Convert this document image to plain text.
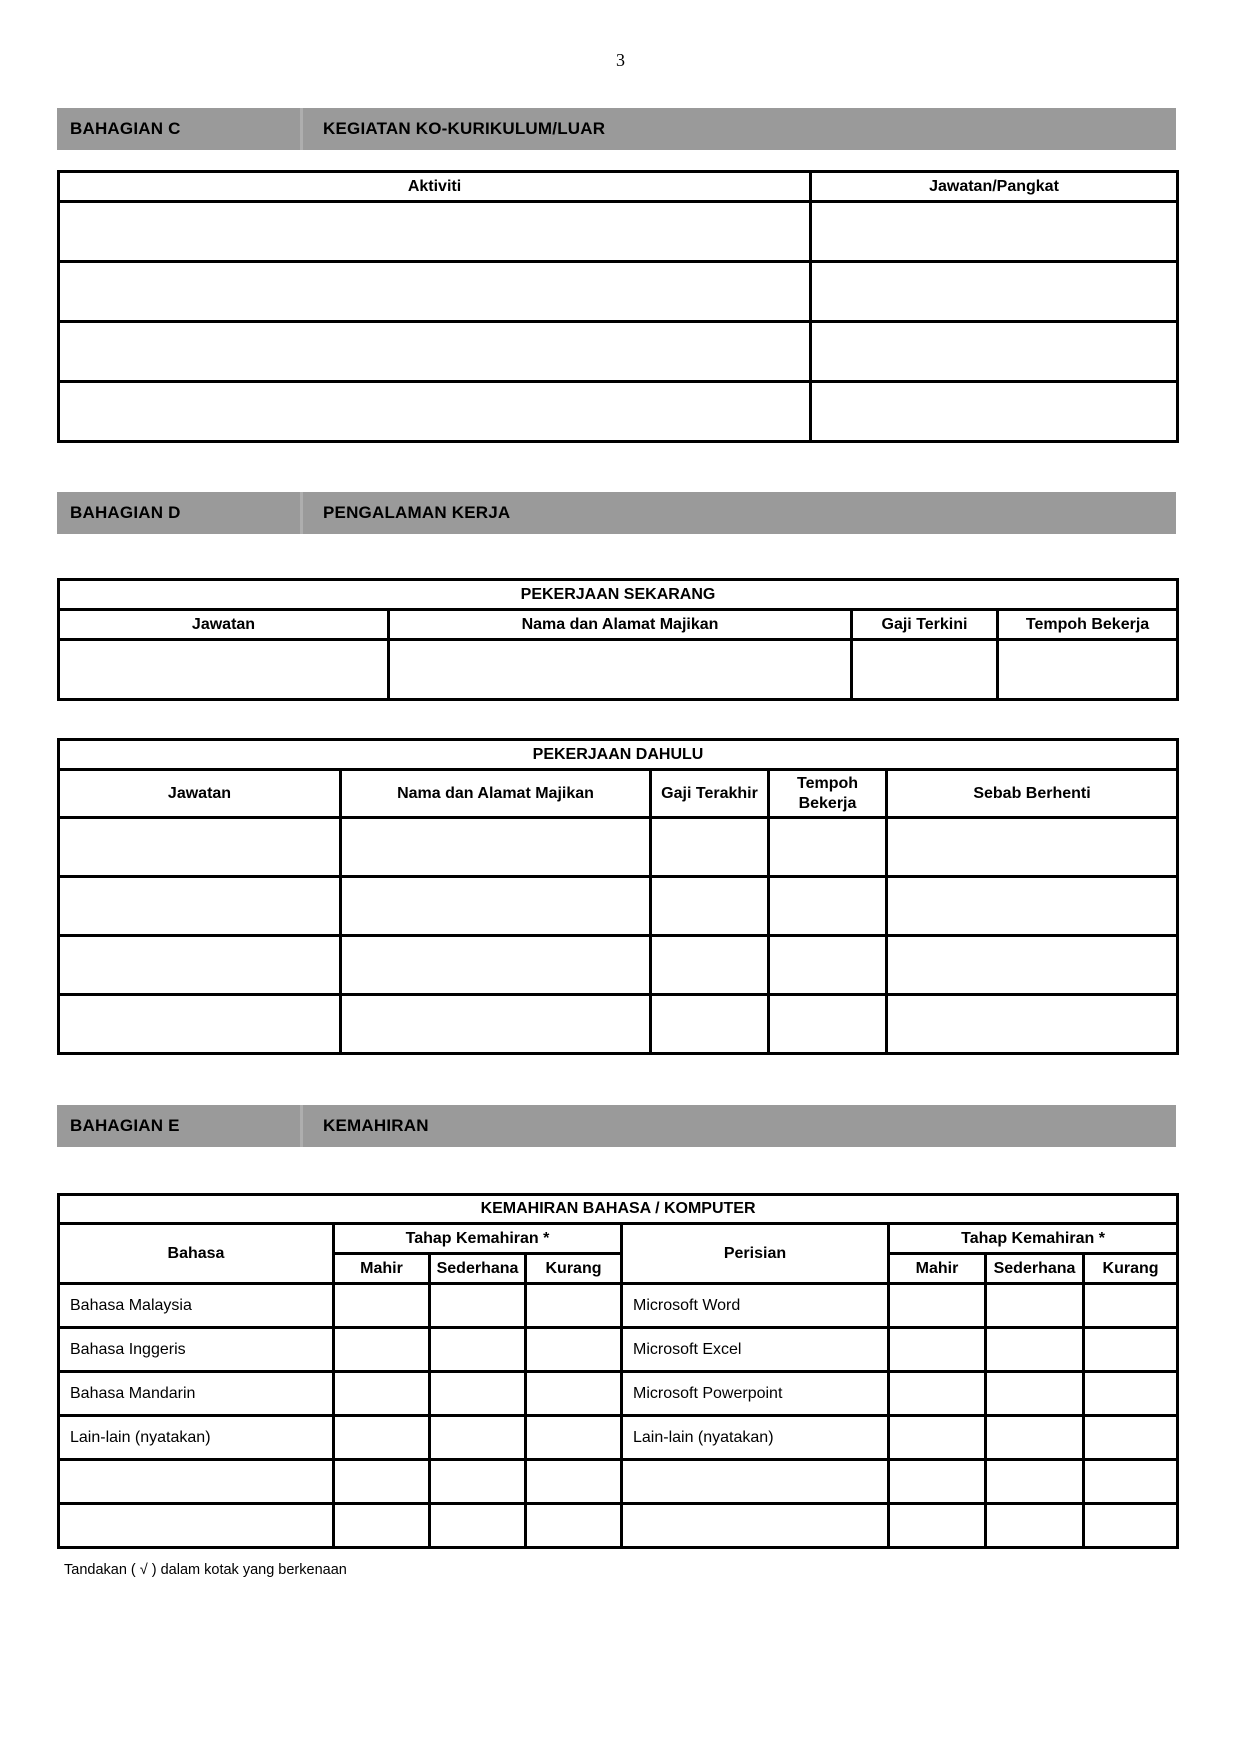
3
BAHAGIAN C	KEGIATAN KO-KURIKULUM/LUAR
Aktiviti	Jawatan/Pangkat

BAHAGIAN D	PENGALAMAN KERJA
PEKERJAAN SEKARANG			
Jawatan	Nama dan Alamat Majikan	Gaji Terkini	Tempoh Bekerja

PEKERJAAN DAHULU				
Jawatan	Nama dan Alamat Majikan	Gaji Terakhir	Tempoh Bekerja	Sebab Berhenti

BAHAGIAN E	KEMAHIRAN
KEMAHIRAN BAHASA / KOMPUTER							
Bahasa	Tahap Kemahiran *			Perisian	Tahap Kemahiran *		
	Mahir	Sederhana	Kurang		Mahir	Sederhana	Kurang
Bahasa Malaysia				Microsoft Word			
Bahasa Inggeris				Microsoft Excel			
Bahasa Mandarin				Microsoft Powerpoint			
Lain-lain (nyatakan)				Lain-lain (nyatakan)			

Tandakan ( √ ) dalam kotak yang berkenaan
